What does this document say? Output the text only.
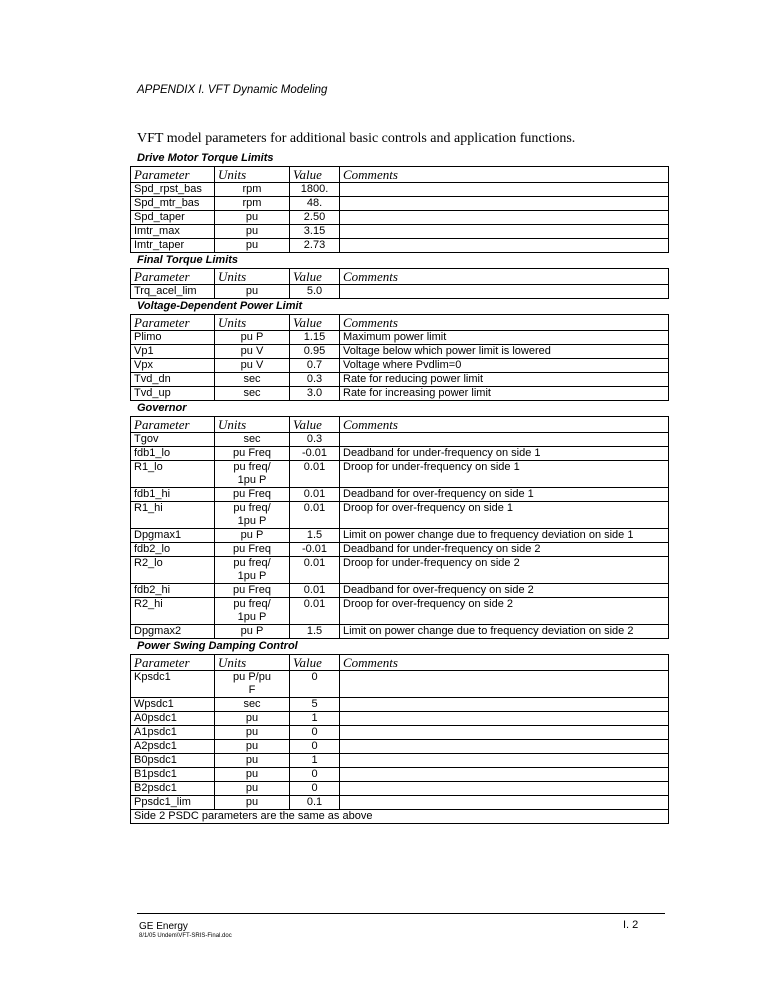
APPENDIX I. VFT Dynamic Modeling
VFT model parameters for additional basic controls and application functions.
Drive Motor Torque Limits
Parameter	Units	Value	Comments
Spd_rpst_bas	rpm	1800.	
Spd_mtr_bas	rpm	48.	
Spd_taper	pu	2.50	
Imtr_max	pu	3.15	
Imtr_taper	pu	2.73	
Final Torque Limits
Parameter	Units	Value	Comments
Trq_acel_lim	pu	5.0	
Voltage-Dependent Power Limit
Parameter	Units	Value	Comments
Plimo	pu P	1.15	Maximum power limit
Vp1	pu V	0.95	Voltage below which power limit is lowered
Vpx	pu V	0.7	Voltage where Pvdlim=0
Tvd_dn	sec	0.3	Rate for reducing power limit
Tvd_up	sec	3.0	Rate for increasing power limit
Governor
Parameter	Units	Value	Comments
Tgov	sec	0.3	
fdb1_lo	pu Freq	-0.01	Deadband for under-frequency on side 1
R1_lo	pu freq/ 1pu P	0.01	Droop for under-frequency on side 1
fdb1_hi	pu Freq	0.01	Deadband for over-frequency on side 1
R1_hi	pu freq/ 1pu P	0.01	Droop for over-frequency on side 1
Dpgmax1	pu P	1.5	Limit on power change due to frequency deviation on side 1
fdb2_lo	pu Freq	-0.01	Deadband for under-frequency on side 2
R2_lo	pu freq/ 1pu P	0.01	Droop for under-frequency on side 2
fdb2_hi	pu Freq	0.01	Deadband for over-frequency on side 2
R2_hi	pu freq/ 1pu P	0.01	Droop for over-frequency on side 2
Dpgmax2	pu P	1.5	Limit on power change due to frequency deviation on side 2
Power Swing Damping Control
Parameter	Units	Value	Comments
Kpsdc1	pu P/pu F	0	
Wpsdc1	sec	5	
A0psdc1	pu	1	
A1psdc1	pu	0	
A2psdc1	pu	0	
B0psdc1	pu	1	
B1psdc1	pu	0	
B2psdc1	pu	0	
Ppsdc1_lim	pu	0.1	
Side 2 PSDC parameters are the same as above			
GE Energy
8/1/05 Undem\VFT-SRIS-Final.doc
I. 2
